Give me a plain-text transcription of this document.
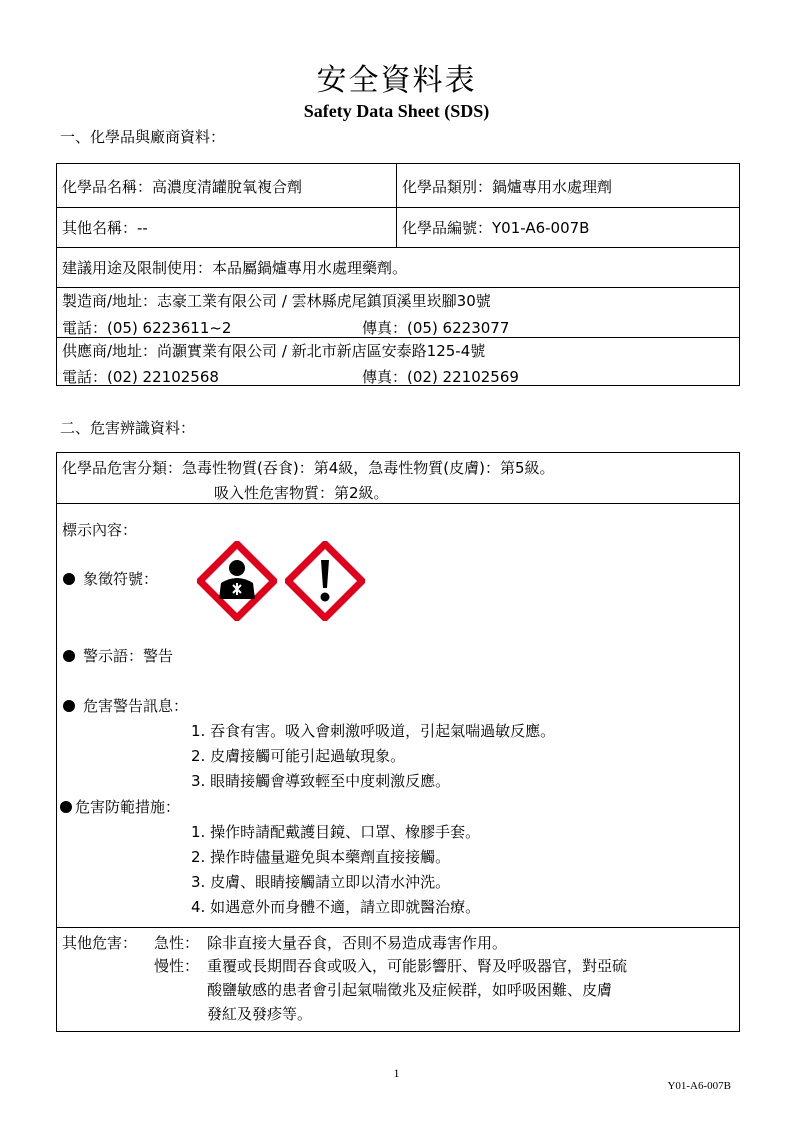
安全資料表
Safety Data Sheet (SDS)
一、化學品與廠商資料：
化學品名稱：高濃度清罐脫氧複合劑	化學品類別：鍋爐專用水處理劑
其他名稱：--	化學品編號：Y01-A6-007B
建議用途及限制使用：本品屬鍋爐專用水處理藥劑。
製造商/地址：志豪工業有限公司 / 雲林縣虎尾鎮頂溪里崁腳30號
電話：(05) 6223611~2	傳真：(05) 6223077
供應商/地址：尚灝實業有限公司 / 新北市新店區安泰路125-4號
電話：(02) 22102568	傳真：(02) 22102569
二、危害辨識資料：
化學品危害分類：急毒性物質(吞食)：第4級，急毒性物質(皮膚)：第5級。
吸入性危害物質：第2級。
標示內容：
象徵符號：
警示語：警告
危害警告訊息：
1. 吞食有害。吸入會刺激呼吸道，引起氣喘過敏反應。
2. 皮膚接觸可能引起過敏現象。
3. 眼睛接觸會導致輕至中度刺激反應。
危害防範措施：
1. 操作時請配戴護目鏡、口罩、橡膠手套。
2. 操作時儘量避免與本藥劑直接接觸。
3. 皮膚、眼睛接觸請立即以清水沖洗。
4. 如遇意外而身體不適，請立即就醫治療。
其他危害： 急性： 除非直接大量吞食，否則不易造成毒害作用。
慢性： 重覆或長期間吞食或吸入，可能影響肝、腎及呼吸器官，對亞硫
酸鹽敏感的患者會引起氣喘徵兆及症候群，如呼吸困難、皮膚
發紅及發疹等。
1
Y01-A6-007B
